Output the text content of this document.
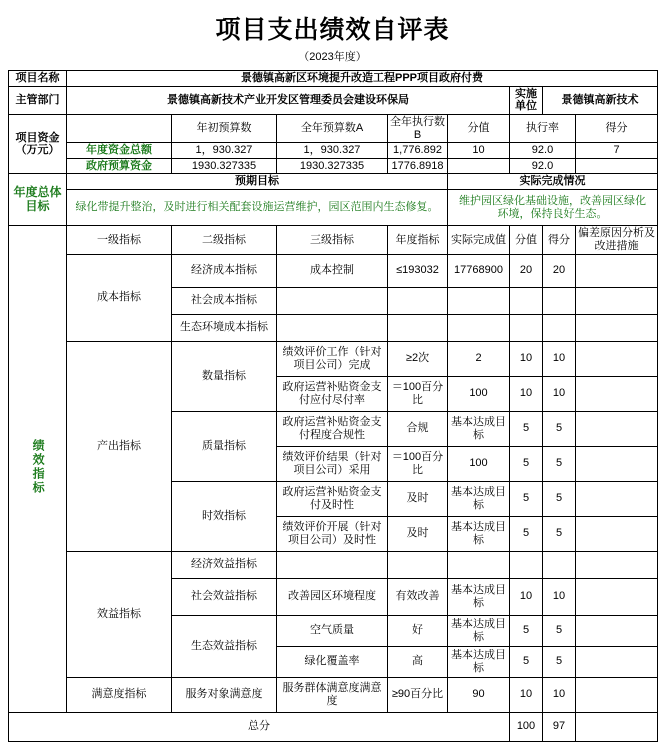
项目支出绩效自评表
（2023年度）
项目名称	景德镇高新区环境提升改造工程PPP项目政府付费							
主管部门	景德镇高新技术产业开发区管理委员会建设环保局					实施单位	景德镇高新技术	
项目资金（万元）		年初预算数	全年预算数A	全年执行数B	分值	执行率		得分
	年度资金总额	1，930.327	1，930.327	1,776.892	10	92.0		7
	政府预算资金	1930.327335	1930.327335	1776.8918		92.0		
年度总体目标	预期目标				实际完成情况			
	绿化带提升整治，及时进行相关配套设施运营维护，园区范围内生态修复。				维护园区绿化基础设施，改善园区绿化环境，保持良好生态。			
绩效指标	一级指标	二级指标	三级指标	年度指标	实际完成值	分值	得分	偏差原因分析及改进措施
	成本指标	经济成本指标	成本控制	≤193032	17768900	20	20	
		社会成本指标						
		生态环境成本指标						
	产出指标	数量指标	绩效评价工作（针对项目公司）完成	≥2次	2	10	10	
			政府运营补贴资金支付应付尽付率	＝100百分比	100	10	10	
		质量指标	政府运营补贴资金支付程度合规性	合规	基本达成目标	5	5	
			绩效评价结果（针对项目公司）采用	＝100百分比	100	5	5	
		时效指标	政府运营补贴资金支付及时性	及时	基本达成目标	5	5	
			绩效评价开展（针对项目公司）及时性	及时	基本达成目标	5	5	
	效益指标	经济效益指标						
		社会效益指标	改善园区环境程度	有效改善	基本达成目标	10	10	
		生态效益指标	空气质量	好	基本达成目标	5	5	
			绿化覆盖率	高	基本达成目标	5	5	
	满意度指标	服务对象满意度	服务群体满意度满意度	≥90百分比	90	10	10	
总分						100	97	
